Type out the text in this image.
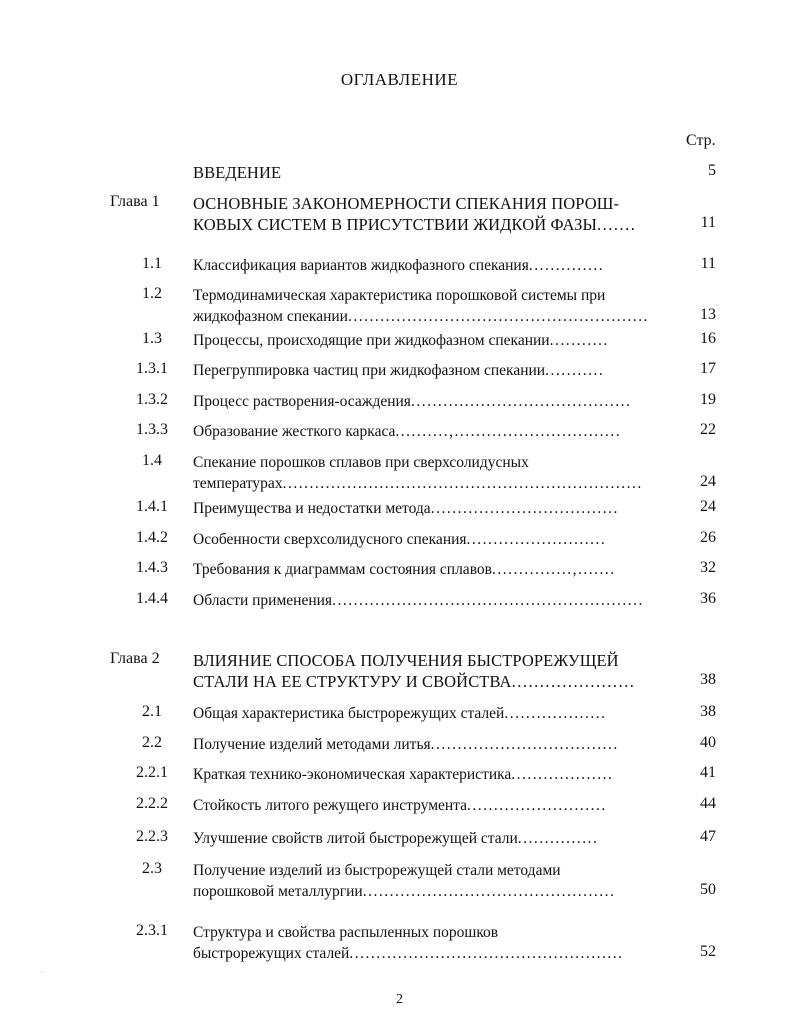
ОГЛАВЛЕНИЕ
Стр.
ВВЕДЕНИЕ	5
Глава 1	ОСНОВНЫЕ ЗАКОНОМЕРНОСТИ СПЕКАНИЯ ПОРОШ-
КОВЫХ СИСТЕМ В ПРИСУТСТВИИ ЖИДКОЙ ФАЗЫ.......	11
1.1	Классификация вариантов жидкофазного спекания..............	11
1.2	Термодинамическая характеристика порошковой системы при
жидкофазном спекании........................................................	13
1.3	Процессы, происходящие при жидкофазном спекании...........	16
1.3.1	Перегруппировка частиц при жидкофазном спекании...........	17
1.3.2	Процесс растворения-осаждения.........................................	19
1.3.3	Образование жесткого каркаса..........,...............................	22
1.4	Спекание порошков сплавов при сверхсолидусных
температурах...................................................................	24
1.4.1	Преимущества и недостатки метода...................................	24
1.4.2	Особенности сверхсолидусного спекания..........................	26
1.4.3	Требования к диаграммам состояния сплавов...............,.......	32
1.4.4	Области применения..........................................................	36
Глава 2	ВЛИЯНИЕ СПОСОБА ПОЛУЧЕНИЯ БЫСТРОРЕЖУЩЕЙ
СТАЛИ НА ЕЕ СТРУКТУРУ И СВОЙСТВА......................	38
2.1	Общая характеристика быстрорежущих сталей...................	38
2.2	Получение изделий методами литья...................................	40
2.2.1	Краткая технико-экономическая характеристика...................	41
2.2.2	Стойкость литого режущего инструмента..........................	44
2.2.3	Улучшение свойств литой быстрорежущей стали...............	47
2.3	Получение изделий из быстрорежущей стали методами
порошковой металлургии...............................................	50
2.3.1	Структура и свойства распыленных порошков
быстрорежущих сталей...................................................	52
2
·
